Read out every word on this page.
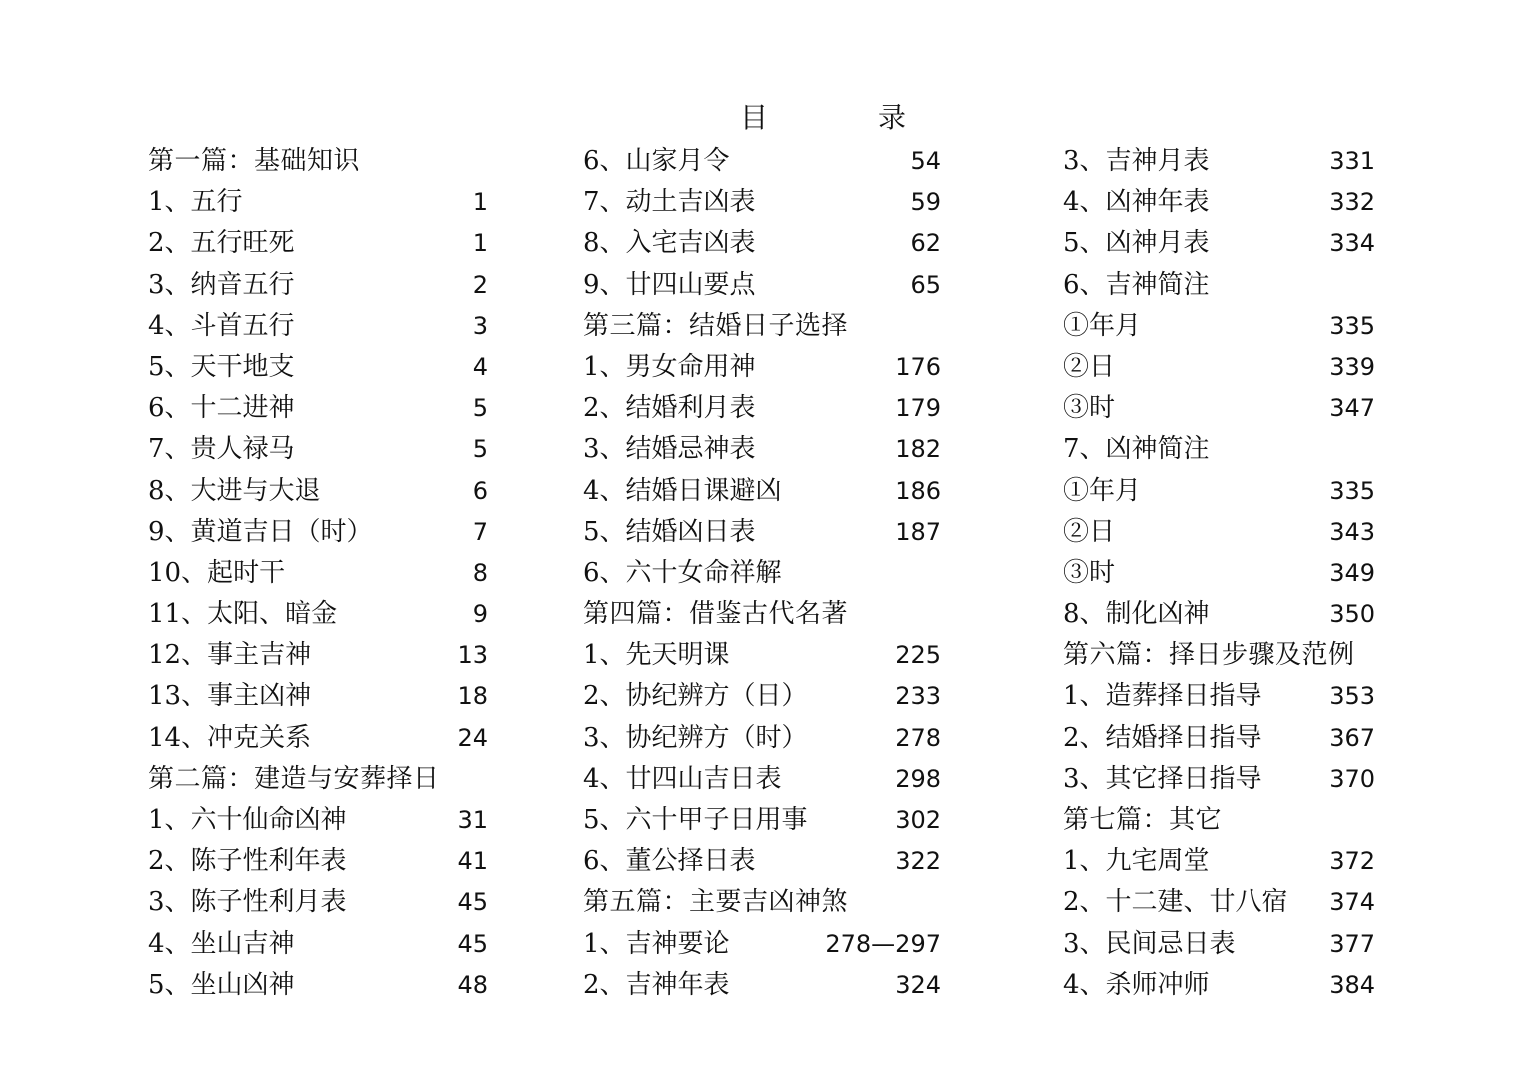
目	录
第一篇：基础知识
1、五行	1
2、五行旺死	1
3、纳音五行	2
4、斗首五行	3
5、天干地支	4
6、十二进神	5
7、贵人禄马	5
8、大进与大退	6
9、黄道吉日（时）	7
10、起时干	8
11、太阳、暗金	9
12、事主吉神	13
13、事主凶神	18
14、冲克关系	24
第二篇：建造与安葬择日
1、六十仙命凶神	31
2、陈子性利年表	41
3、陈子性利月表	45
4、坐山吉神	45
5、坐山凶神	48
6、山家月令	54
7、动土吉凶表	59
8、入宅吉凶表	62
9、廿四山要点	65
第三篇：结婚日子选择
1、男女命用神	176
2、结婚利月表	179
3、结婚忌神表	182
4、结婚日课避凶	186
5、结婚凶日表	187
6、六十女命祥解
第四篇：借鉴古代名著
1、先天明课	225
2、协纪辨方（日）	233
3、协纪辨方（时）	278
4、廿四山吉日表	298
5、六十甲子日用事	302
6、董公择日表	322
第五篇：主要吉凶神煞
1、吉神要论	278—297
2、吉神年表	324
3、吉神月表	331
4、凶神年表	332
5、凶神月表	334
6、吉神简注
①年月	335
②日	339
③时	347
7、凶神简注
①年月	335
②日	343
③时	349
8、制化凶神	350
第六篇：择日步骤及范例
1、造葬择日指导	353
2、结婚择日指导	367
3、其它择日指导	370
第七篇：其它
1、九宅周堂	372
2、十二建、廿八宿 374
3、民间忌日表	377
4、杀师冲师	384
